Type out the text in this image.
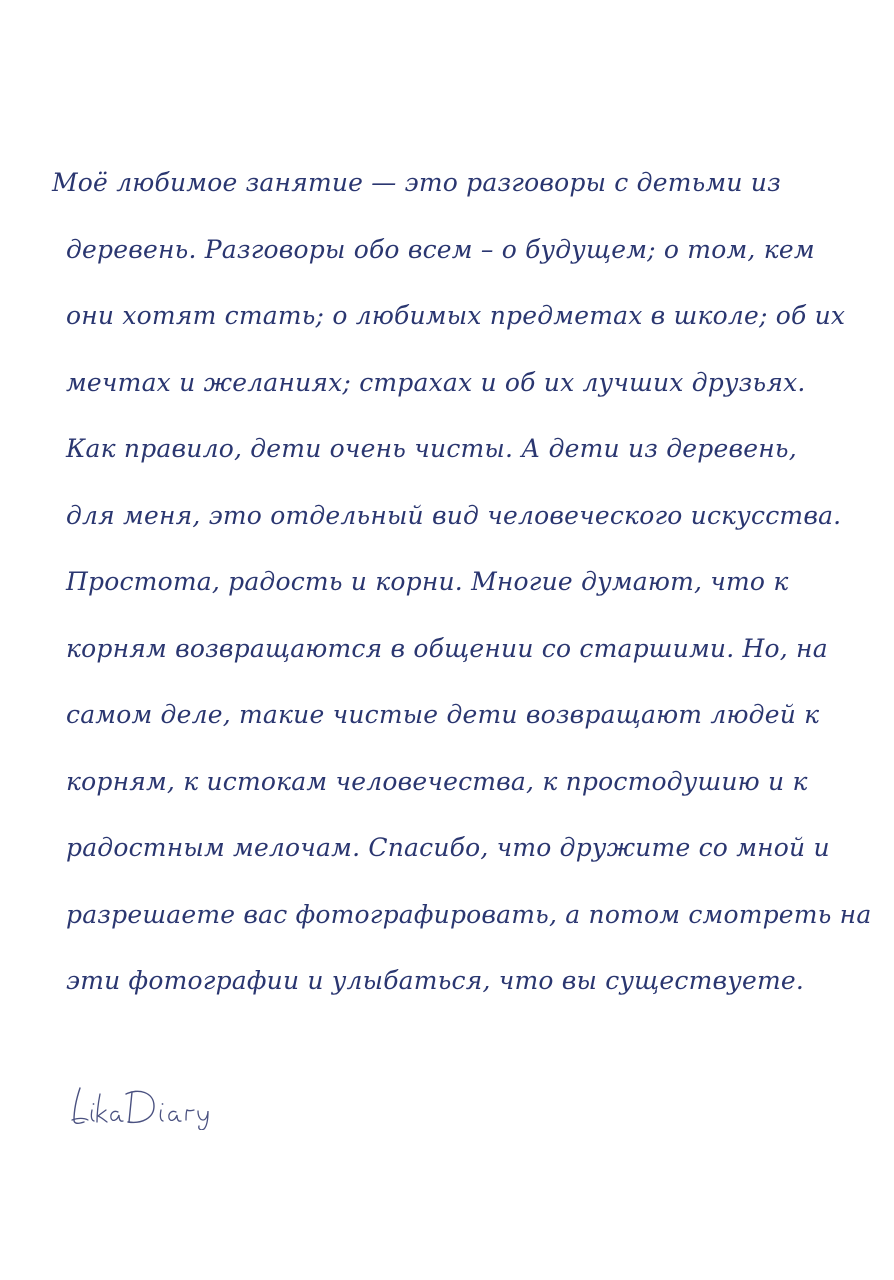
Моё любимое занятие — это разговоры с детьми из
деревень. Разговоры обо всем – о будущем; о том, кем
они хотят стать; о любимых предметах в школе; об их
мечтах и желаниях; страхах и об их лучших друзьях.
Как правило, дети очень чисты. А дети из деревень,
для меня, это отдельный вид человеческого искусства.
Простота, радость и корни. Многие думают, что к
корням возвращаются в общении со старшими. Но, на
самом деле, такие чистые дети возвращают людей к
корням, к истокам человечества, к простодушию и к
радостным мелочам. Спасибо, что дружите со мной и
разрешаете вас фотографировать, а потом смотреть на
эти фотографии и улыбаться, что вы существуете.
